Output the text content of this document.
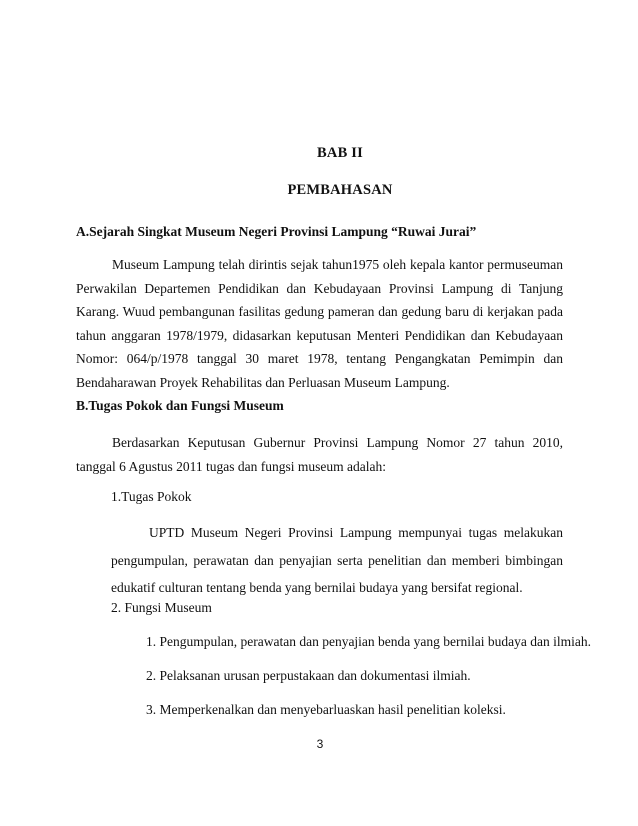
BAB II
PEMBAHASAN
A.Sejarah Singkat Museum Negeri Provinsi Lampung “Ruwai Jurai”

Museum Lampung telah dirintis sejak tahun1975 oleh kepala kantor permuseuman Perwakilan Departemen Pendidikan dan Kebudayaan Provinsi Lampung di Tanjung Karang. Wuud pembangunan fasilitas gedung pameran dan gedung baru di kerjakan pada tahun anggaran 1978/1979, didasarkan keputusan Menteri Pendidikan dan Kebudayaan Nomor: 064/p/1978 tanggal 30 maret 1978, tentang Pengangkatan Pemimpin dan Bendaharawan Proyek Rehabilitas dan Perluasan Museum Lampung.

B.Tugas Pokok dan Fungsi Museum

Berdasarkan Keputusan Gubernur Provinsi Lampung Nomor 27 tahun 2010, tanggal 6 Agustus 2011 tugas dan fungsi museum adalah:

1.Tugas Pokok

UPTD Museum Negeri Provinsi Lampung mempunyai tugas melakukan pengumpulan, perawatan dan penyajian serta penelitian dan memberi bimbingan edukatif culturan tentang benda yang bernilai budaya yang bersifat regional.

2. Fungsi Museum
1. Pengumpulan, perawatan dan penyajian benda yang bernilai budaya dan ilmiah.
2. Pelaksanan urusan perpustakaan dan dokumentasi ilmiah.
3. Memperkenalkan dan menyebarluaskan hasil penelitian koleksi.
3
